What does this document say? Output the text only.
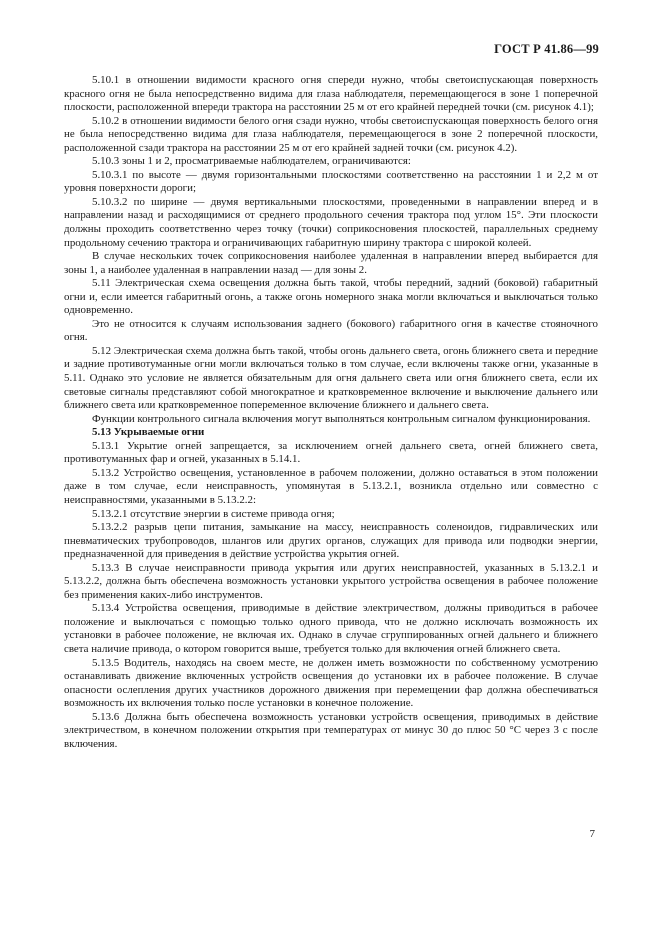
ГОСТ Р 41.86—99

5.10.1 в отношении видимости красного огня спереди нужно, чтобы светоиспускающая поверхность красного огня не была непосредственно видима для глаза наблюдателя, перемещающегося в зоне 1 поперечной плоскости, расположенной впереди трактора на расстоянии 25 м от его крайней передней точки (см. рисунок 4.1);

5.10.2 в отношении видимости белого огня сзади нужно, чтобы светоиспускающая поверхность белого огня не была непосредственно видима для глаза наблюдателя, перемещающегося в зоне 2 поперечной плоскости, расположенной сзади трактора на расстоянии 25 м от его крайней задней точки (см. рисунок 4.2).

5.10.3 зоны 1 и 2, просматриваемые наблюдателем, ограничиваются:

5.10.3.1 по высоте — двумя горизонтальными плоскостями соответственно на расстоянии 1 и 2,2 м от уровня поверхности дороги;

5.10.3.2 по ширине — двумя вертикальными плоскостями, проведенными в направлении вперед и в направлении назад и расходящимися от среднего продольного сечения трактора под углом 15°. Эти плоскости должны проходить соответственно через точку (точки) соприкосновения плоскостей, параллельных среднему продольному сечению трактора и ограничивающих габаритную ширину трактора с широкой колеей.

В случае нескольких точек соприкосновения наиболее удаленная в направлении вперед выбирается для зоны 1, а наиболее удаленная в направлении назад — для зоны 2.

5.11 Электрическая схема освещения должна быть такой, чтобы передний, задний (боковой) габаритный огни и, если имеется габаритный огонь, а также огонь номерного знака могли включаться и выключаться только одновременно.

Это не относится к случаям использования заднего (бокового) габаритного огня в качестве стояночного огня.

5.12 Электрическая схема должна быть такой, чтобы огонь дальнего света, огонь ближнего света и передние и задние противотуманные огни могли включаться только в том случае, если включены также огни, указанные в 5.11. Однако это условие не является обязательным для огня дальнего света или огня ближнего света, если их световые сигналы представляют собой многократное и кратковременное включение и выключение дальнего или ближнего света или кратковременное попеременное включение ближнего и дальнего света.

Функции контрольного сигнала включения могут выполняться контрольным сигналом функционирования.

5.13 Укрываемые огни

5.13.1 Укрытие огней запрещается, за исключением огней дальнего света, огней ближнего света, противотуманных фар и огней, указанных в 5.14.1.

5.13.2 Устройство освещения, установленное в рабочем положении, должно оставаться в этом положении даже в том случае, если неисправность, упомянутая в 5.13.2.1, возникла отдельно или совместно с неисправностями, указанными в 5.13.2.2:

5.13.2.1 отсутствие энергии в системе привода огня;

5.13.2.2 разрыв цепи питания, замыкание на массу, неисправность соленоидов, гидравлических или пневматических трубопроводов, шлангов или других органов, служащих для привода или подводки энергии, предназначенной для приведения в действие устройства укрытия огней.

5.13.3 В случае неисправности привода укрытия или других неисправностей, указанных в 5.13.2.1 и 5.13.2.2, должна быть обеспечена возможность установки укрытого устройства освещения в рабочее положение без применения каких-либо инструментов.

5.13.4 Устройства освещения, приводимые в действие электричеством, должны приводиться в рабочее положение и выключаться с помощью только одного привода, что не должно исключать возможность их установки в рабочее положение, не включая их. Однако в случае сгруппированных огней дальнего и ближнего света наличие привода, о котором говорится выше, требуется только для включения огней ближнего света.

5.13.5 Водитель, находясь на своем месте, не должен иметь возможности по собственному усмотрению останавливать движение включенных устройств освещения до установки их в рабочее положение. В случае опасности ослепления других участников дорожного движения при перемещении фар должна обеспечиваться возможность их включения только после установки в конечное положение.

5.13.6 Должна быть обеспечена возможность установки устройств освещения, приводимых в действие электричеством, в конечном положении открытия при температурах от минус 30 до плюс 50 °С через 3 с после включения.

7
